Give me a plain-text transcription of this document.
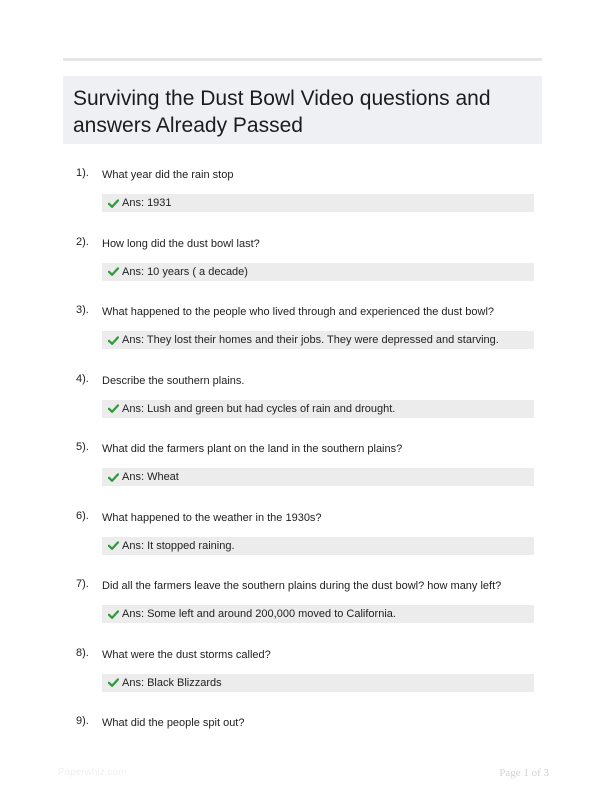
Surviving the Dust Bowl Video questions and answers Already Passed
1). What year did the rain stop
Ans: 1931
2). How long did the dust bowl last?
Ans: 10 years ( a decade)
3). What happened to the people who lived through and experienced the dust bowl?
Ans: They lost their homes and their jobs. They were depressed and starving.
4). Describe the southern plains.
Ans: Lush and green but had cycles of rain and drought.
5). What did the farmers plant on the land in the southern plains?
Ans: Wheat
6). What happened to the weather in the 1930s?
Ans: It stopped raining.
7). Did all the farmers leave the southern plains during the dust bowl? how many left?
Ans: Some left and around 200,000 moved to California.
8). What were the dust storms called?
Ans: Black Blizzards
9). What did the people spit out?
Paperwhiz.com	Page 1 of 3
